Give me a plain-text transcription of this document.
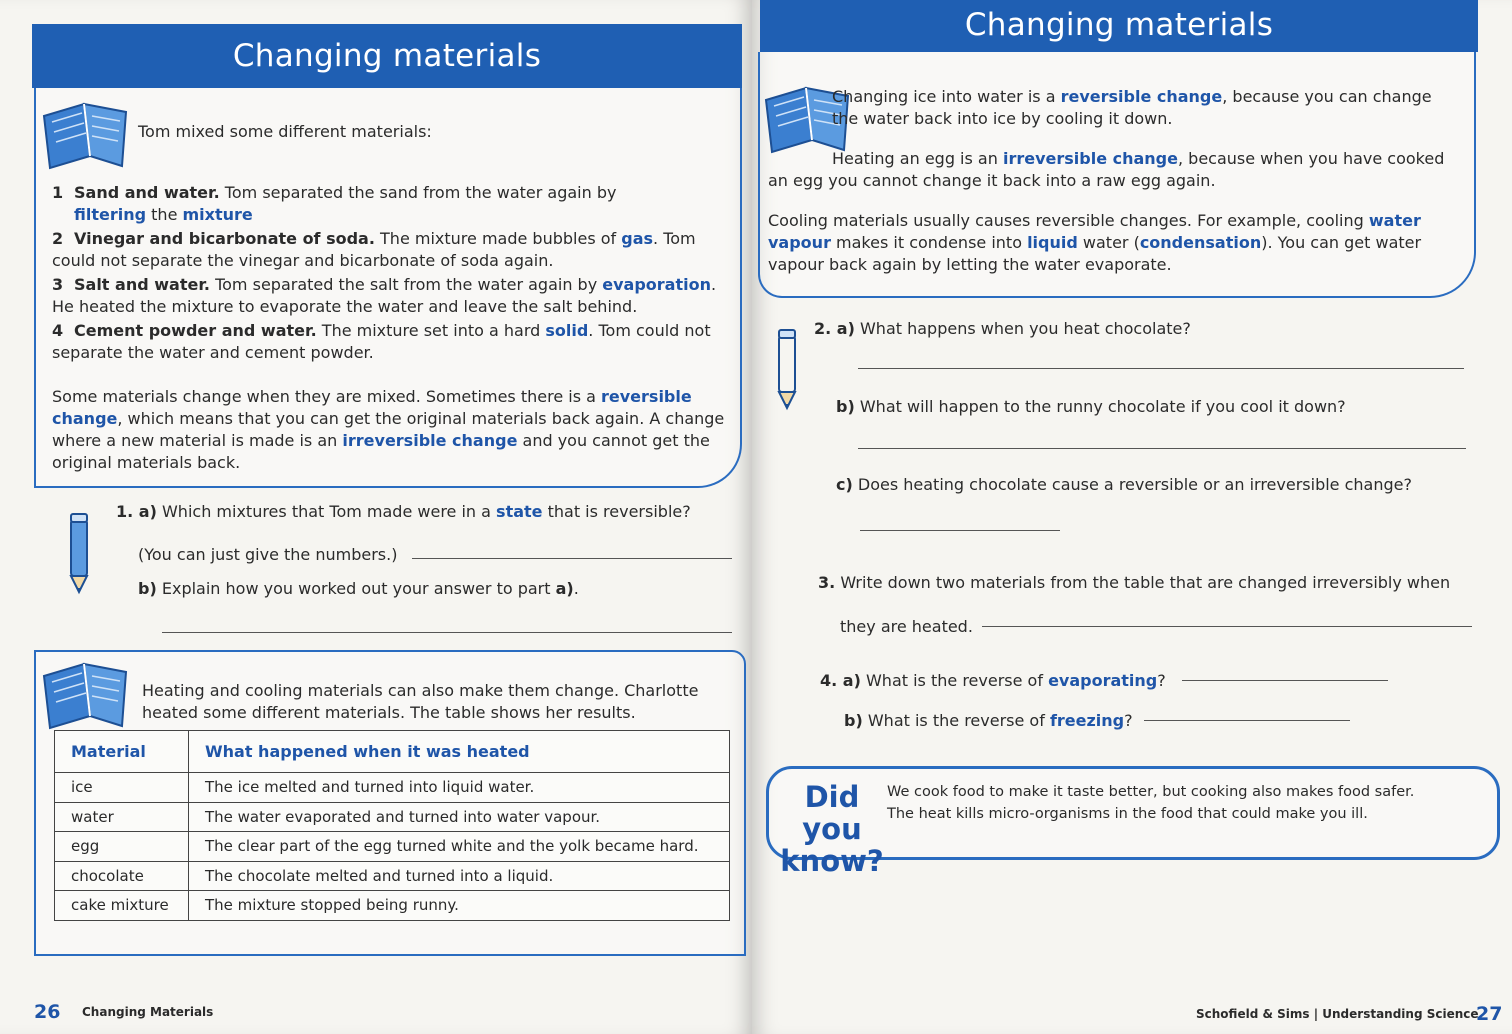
Changing materials
Tom mixed some different materials:
1 Sand and water. Tom separated the sand from the water again by
filtering the mixture
2 Vinegar and bicarbonate of soda. The mixture made bubbles of gas. Tom could not separate the vinegar and bicarbonate of soda again.
3 Salt and water. Tom separated the salt from the water again by evaporation. He heated the mixture to evaporate the water and leave the salt behind.
4 Cement powder and water. The mixture set into a hard solid. Tom could not separate the water and cement powder.
Some materials change when they are mixed. Sometimes there is a reversible change, which means that you can get the original materials back again. A change where a new material is made is an irreversible change and you cannot get the original materials back.
1. a) Which mixtures that Tom made were in a state that is reversible?
(You can just give the numbers.)
b) Explain how you worked out your answer to part a).
Heating and cooling materials can also make them change. Charlotte heated some different materials. The table shows her results.
Material	What happened when it was heated
ice	The ice melted and turned into liquid water.
water	The water evaporated and turned into water vapour.
egg	The clear part of the egg turned white and the yolk became hard.
chocolate	The chocolate melted and turned into a liquid.
cake mixture	The mixture stopped being runny.
26 Changing Materials
Changing materials
Changing ice into water is a reversible change, because you can change the water back into ice by cooling it down.
Heating an egg is an irreversible change, because when you have cooked an egg you cannot change it back into a raw egg again.
Cooling materials usually causes reversible changes. For example, cooling water vapour makes it condense into liquid water (condensation). You can get water vapour back again by letting the water evaporate.
2. a) What happens when you heat chocolate?
b) What will happen to the runny chocolate if you cool it down?
c) Does heating chocolate cause a reversible or an irreversible change?
3. Write down two materials from the table that are changed irreversibly when
they are heated.
4. a) What is the reverse of evaporating?
b) What is the reverse of freezing?
Did you
know?
We cook food to make it taste better, but cooking also makes food safer.
The heat kills micro-organisms in the food that could make you ill.
Schofield & Sims | Understanding Science
27
